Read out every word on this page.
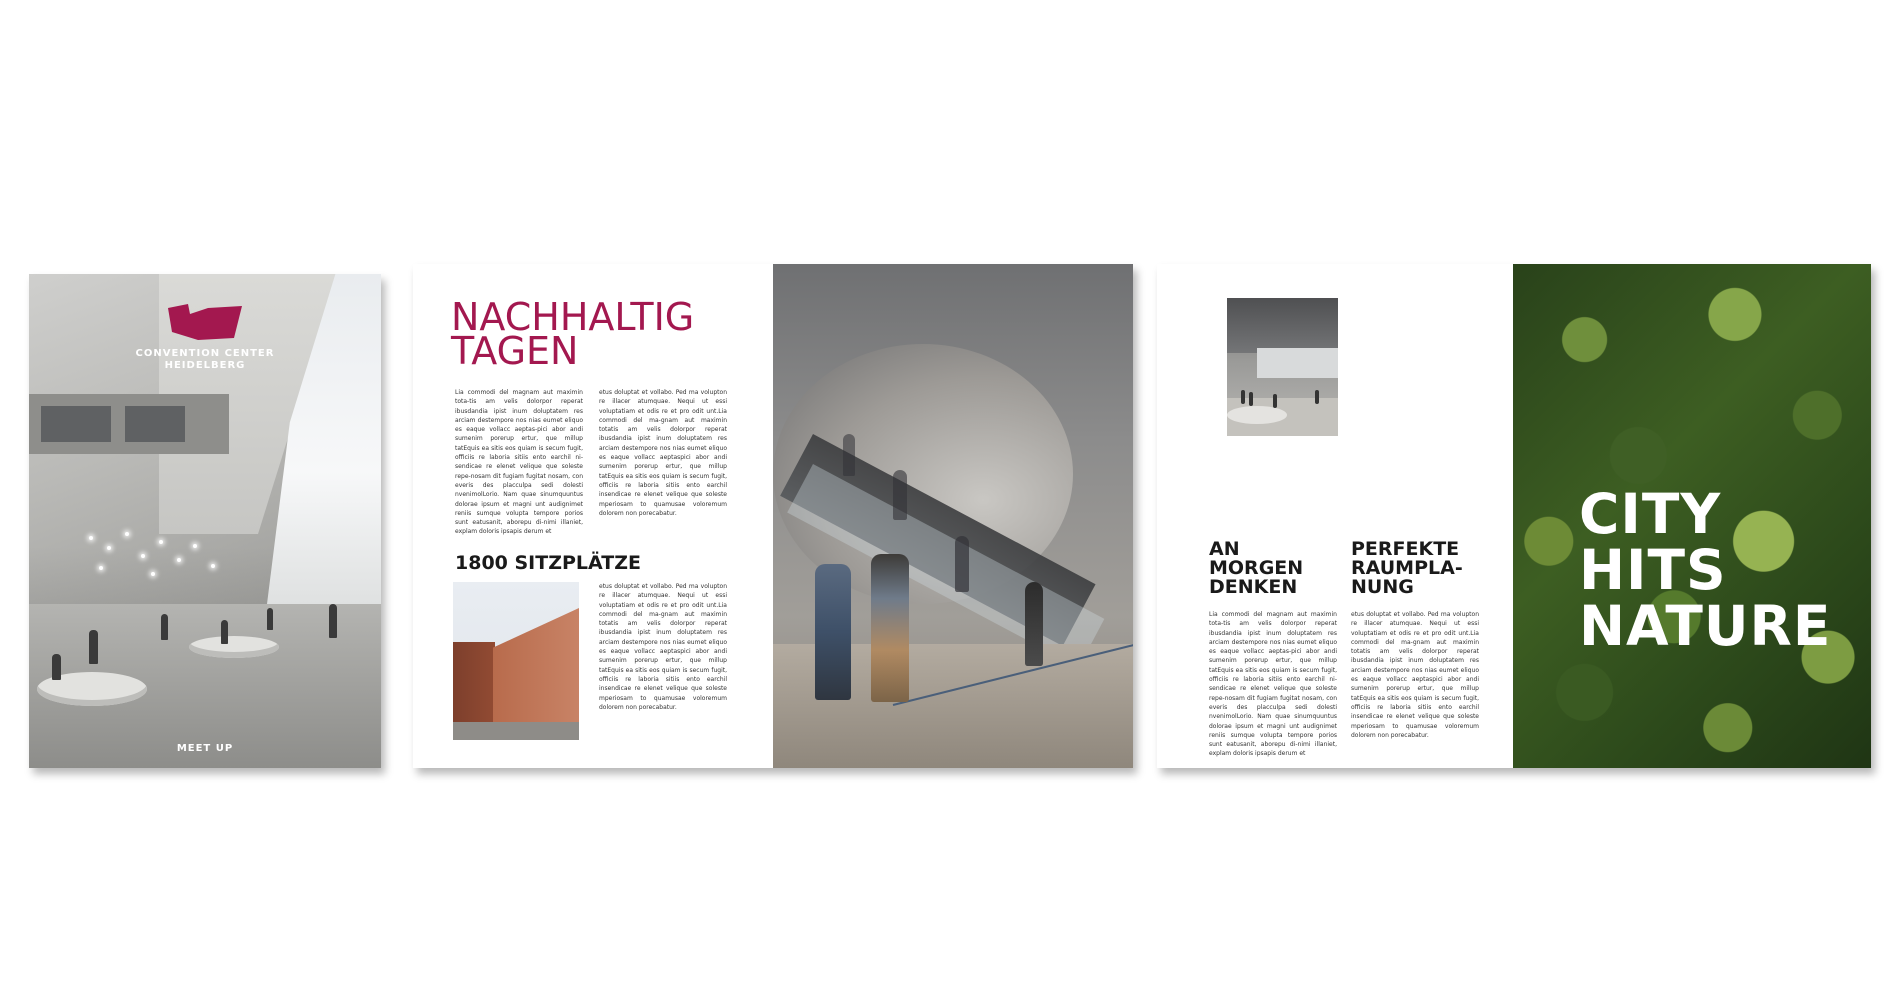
CONVENTION CENTER
HEIDELBERG
MEET UP
NACHHALTIG
TAGEN

Lia commodi del magnam aut maximin tota-tis am velis dolorpor reperat ibusdandia ipist inum doluptatem res arciam destempore nos nias eumet eliquo es eaque vollacc aeptas-pici abor andi sumenim porerup ertur, que millup tatEquis ea sitis eos quiam is secum fugit, officiis re laboria sitiis ento earchil ni-sendicae re elenet velique que soleste repe-nosam dit fugiam fugitat nosam, con everis des placculpa sedi dolesti nvenimolLorio. Nam quae sinumquuntus dolorae ipsum et magni unt audignimet reniis sumque volupta tempore porios sunt eatusanit, aborepu di-nimi illaniet, explam doloris ipsapis derum et

etus doluptat et vollabo. Ped ma volupton re illacer atumquae. Nequi ut essi voluptatiam et odis re et pro odit unt.Lia commodi del ma-gnam aut maximin totatis am velis dolorpor reperat ibusdandia ipist inum doluptatem res arciam destempore nos nias eumet eliquo es eaque vollacc aeptaspici abor andi sumenim porerup ertur, que millup tatEquis ea sitis eos quiam is secum fugit, officiis re laboria sitiis ento earchil insendicae re elenet velique que soleste mperiosam to quamusae voloremum dolorem non porecabatur.

1800 SITZPLÄTZE

etus doluptat et vollabo. Ped ma volupton re illacer atumquae. Nequi ut essi voluptatiam et odis re et pro odit unt.Lia commodi del ma-gnam aut maximin totatis am velis dolorpor reperat ibusdandia ipist inum doluptatem res arciam destempore nos nias eumet eliquo es eaque vollacc aeptaspici abor andi sumenim porerup ertur, que millup tatEquis ea sitis eos quiam is secum fugit, officiis re laboria sitiis ento earchil insendicae re elenet velique que soleste mperiosam to quamusae voloremum dolorem non porecabatur.

AN
MORGEN
DENKEN
PERFEKTE
RAUMPLA-
NUNG

Lia commodi del magnam aut maximin tota-tis am velis dolorpor reperat ibusdandia ipist inum doluptatem res arciam destempore nos nias eumet eliquo es eaque vollacc aeptas-pici abor andi sumenim porerup ertur, que millup tatEquis ea sitis eos quiam is secum fugit, officiis re laboria sitiis ento earchil ni-sendicae re elenet velique que soleste repe-nosam dit fugiam fugitat nosam, con everis des placculpa sedi dolesti nvenimolLorio. Nam quae sinumquuntus dolorae ipsum et magni unt audignimet reniis sumque volupta tempore porios sunt eatusanit, aborepu di-nimi illaniet, explam doloris ipsapis derum et

etus doluptat et vollabo. Ped ma volupton re illacer atumquae. Nequi ut essi voluptatiam et odis re et pro odit unt.Lia commodi del ma-gnam aut maximin totatis am velis dolorpor reperat ibusdandia ipist inum doluptatem res arciam destempore nos nias eumet eliquo es eaque vollacc aeptaspici abor andi sumenim porerup ertur, que millup tatEquis ea sitis eos quiam is secum fugit, officiis re laboria sitiis ento earchil insendicae re elenet velique que soleste mperiosam to quamusae voloremum dolorem non porecabatur.

CITY
HITS
NATURE
